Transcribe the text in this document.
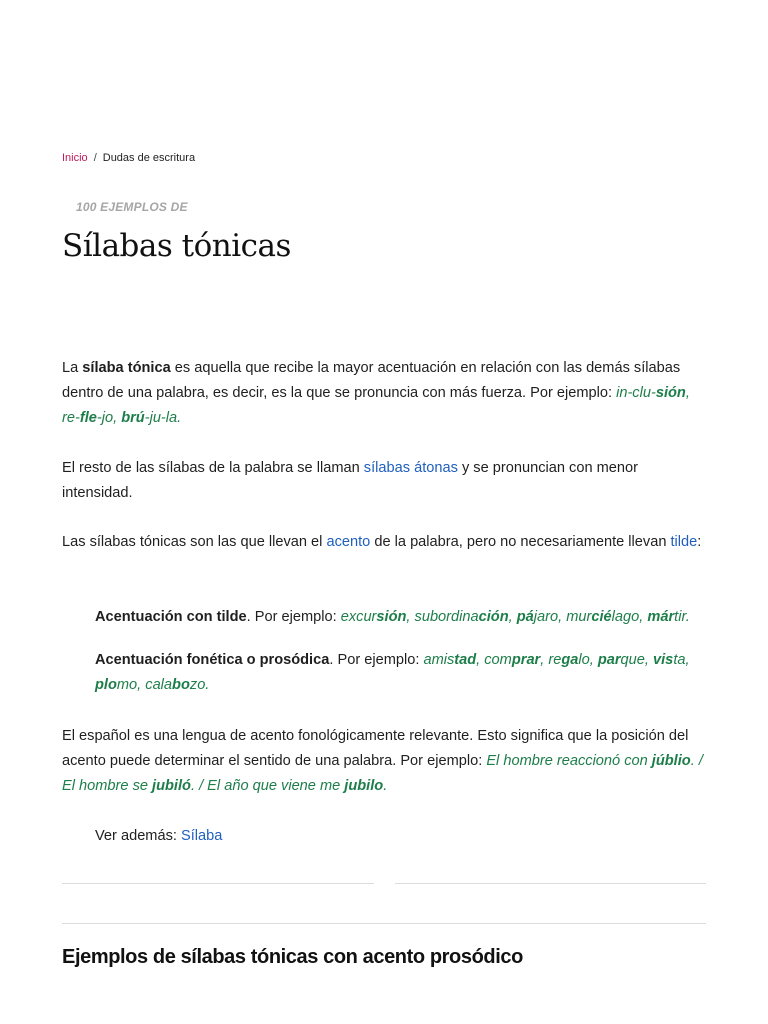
Inicio / Dudas de escritura
100 EJEMPLOS DE
Sílabas tónicas

La sílaba tónica es aquella que recibe la mayor acentuación en relación con las demás sílabas dentro de una palabra, es decir, es la que se pronuncia con más fuerza. Por ejemplo: in-clu-sión, re-fle-jo, brú-ju-la.

El resto de las sílabas de la palabra se llaman sílabas átonas y se pronuncian con menor intensidad.

Las sílabas tónicas son las que llevan el acento de la palabra, pero no necesariamente llevan tilde:

Acentuación con tilde. Por ejemplo: excursión, subordinación, pájaro, murciélago, mártir.

Acentuación fonética o prosódica. Por ejemplo: amistad, comprar, regalo, parque, vista, plomo, calabozo.

El español es una lengua de acento fonológicamente relevante. Esto significa que la posición del acento puede determinar el sentido de una palabra. Por ejemplo: El hombre reaccionó con júblio. / El hombre se jubiló. / El año que viene me jubilo.

Ver además: Sílaba

Ejemplos de sílabas tónicas con acento prosódico
